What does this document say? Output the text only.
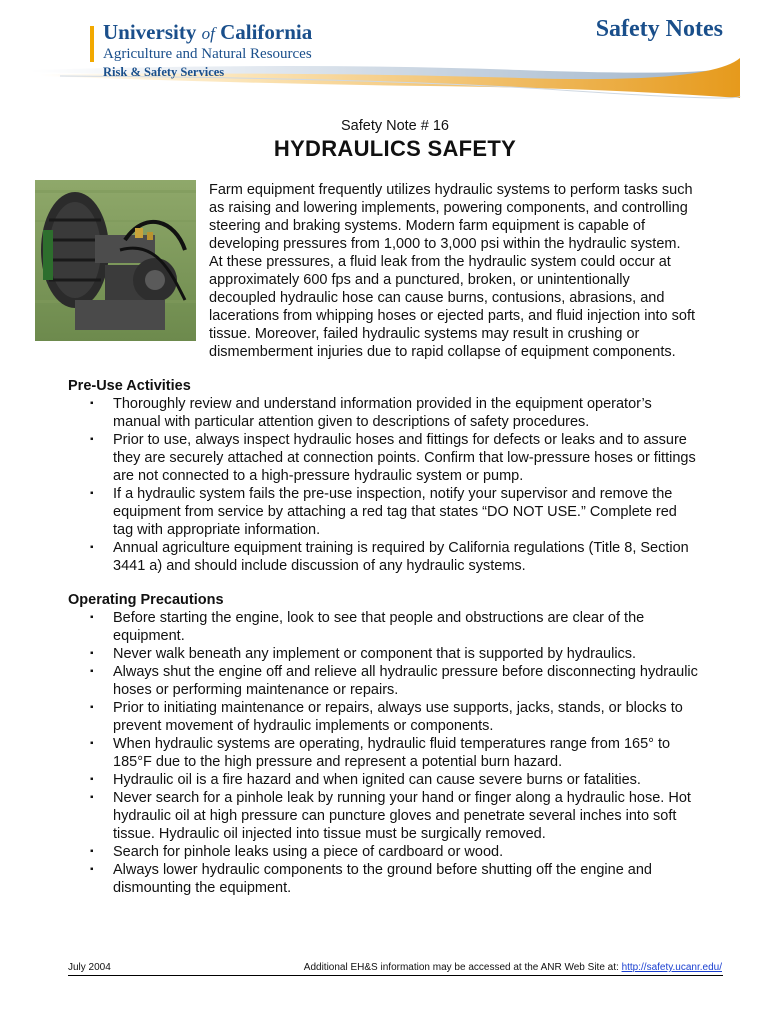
University of California
Agriculture and Natural Resources
Risk & Safety Services
Safety Notes
Safety Note # 16
HYDRAULICS SAFETY
Farm equipment frequently utilizes hydraulic systems to perform tasks such
as raising and lowering implements, powering components, and controlling
steering and braking systems. Modern farm equipment is capable of
developing pressures from 1,000 to 3,000 psi within the hydraulic system.
At these pressures, a fluid leak from the hydraulic system could occur at
approximately 600 fps and a punctured, broken, or unintentionally
decoupled hydraulic hose can cause burns, contusions, abrasions, and
lacerations from whipping hoses or ejected parts, and fluid injection into soft
tissue. Moreover, failed hydraulic systems may result in crushing or
dismemberment injuries due to rapid collapse of equipment components.
Pre-Use Activities
▪ Thoroughly review and understand information provided in the equipment operator’s
manual with particular attention given to descriptions of safety procedures.
▪ Prior to use, always inspect hydraulic hoses and fittings for defects or leaks and to assure
they are securely attached at connection points. Confirm that low-pressure hoses or fittings
are not connected to a high-pressure hydraulic system or pump.
▪ If a hydraulic system fails the pre-use inspection, notify your supervisor and remove the
equipment from service by attaching a red tag that states “DO NOT USE.” Complete red
tag with appropriate information.
▪ Annual agriculture equipment training is required by California regulations (Title 8, Section
3441 a) and should include discussion of any hydraulic systems.
Operating Precautions
▪ Before starting the engine, look to see that people and obstructions are clear of the
equipment.
▪ Never walk beneath any implement or component that is supported by hydraulics.
▪ Always shut the engine off and relieve all hydraulic pressure before disconnecting hydraulic
hoses or performing maintenance or repairs.
▪ Prior to initiating maintenance or repairs, always use supports, jacks, stands, or blocks to
prevent movement of hydraulic implements or components.
▪ When hydraulic systems are operating, hydraulic fluid temperatures range from 165° to
185°F due to the high pressure and represent a potential burn hazard.
▪ Hydraulic oil is a fire hazard and when ignited can cause severe burns or fatalities.
▪ Never search for a pinhole leak by running your hand or finger along a hydraulic hose. Hot
hydraulic oil at high pressure can puncture gloves and penetrate several inches into soft
tissue. Hydraulic oil injected into tissue must be surgically removed.
▪ Search for pinhole leaks using a piece of cardboard or wood.
▪ Always lower hydraulic components to the ground before shutting off the engine and
dismounting the equipment.
July 2004	Additional EH&S information may be accessed at the ANR Web Site at: http://safety.ucanr.edu/
